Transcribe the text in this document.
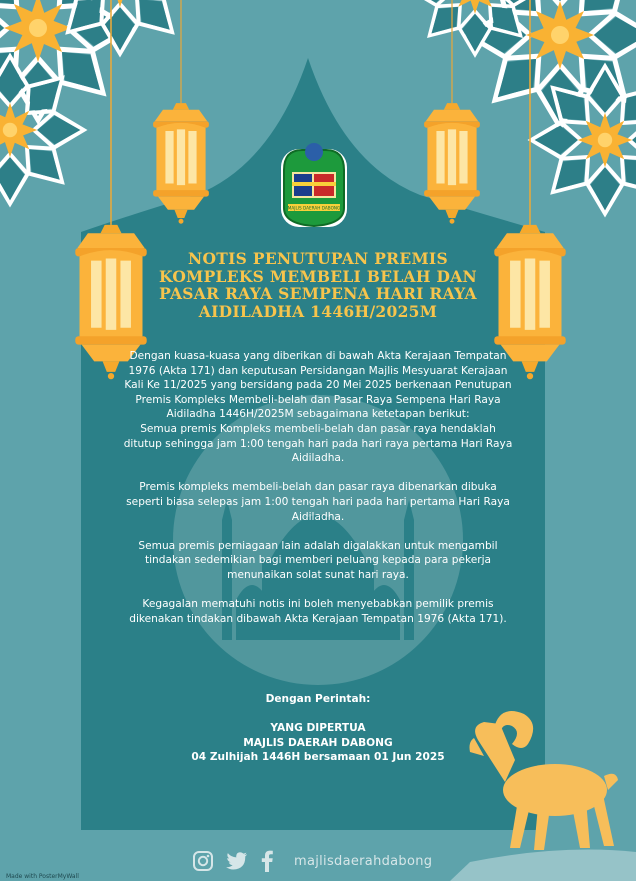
MAJLIS DAERAH DABONG
NOTIS PENUTUPAN PREMIS
KOMPLEKS MEMBELI BELAH DAN
PASAR RAYA SEMPENA HARI RAYA
AIDILADHA 1446H/2025M

Dengan kuasa-kuasa yang diberikan di bawah Akta Kerajaan Tempatan 1976 (Akta 171) dan keputusan Persidangan Majlis Mesyuarat Kerajaan Kali Ke 11/2025 yang bersidang pada 20 Mei 2025 berkenaan Penutupan Premis Kompleks Membeli-belah dan Pasar Raya Sempena Hari Raya Aidiladha 1446H/2025M sebagaimana ketetapan berikut:

Semua premis Kompleks membeli-belah dan pasar raya hendaklah ditutup sehingga jam 1:00 tengah hari pada hari raya pertama Hari Raya Aidiladha.

Premis kompleks membeli-belah dan pasar raya dibenarkan dibuka seperti biasa selepas jam 1:00 tengah hari pada hari pertama Hari Raya Aidiladha.

Semua premis perniagaan lain adalah digalakkan untuk mengambil tindakan sedemikian bagi memberi peluang kepada para pekerja menunaikan solat sunat hari raya.

Kegagalan mematuhi notis ini boleh menyebabkan pemilik premis dikenakan tindakan dibawah Akta Kerajaan Tempatan 1976 (Akta 171).

Dengan Perintah:
YANG DIPERTUA
MAJLIS DAERAH DABONG
04 Zulhijah 1446H bersamaan 01 Jun 2025
majlisdaerahdabong
Made with PosterMyWall
